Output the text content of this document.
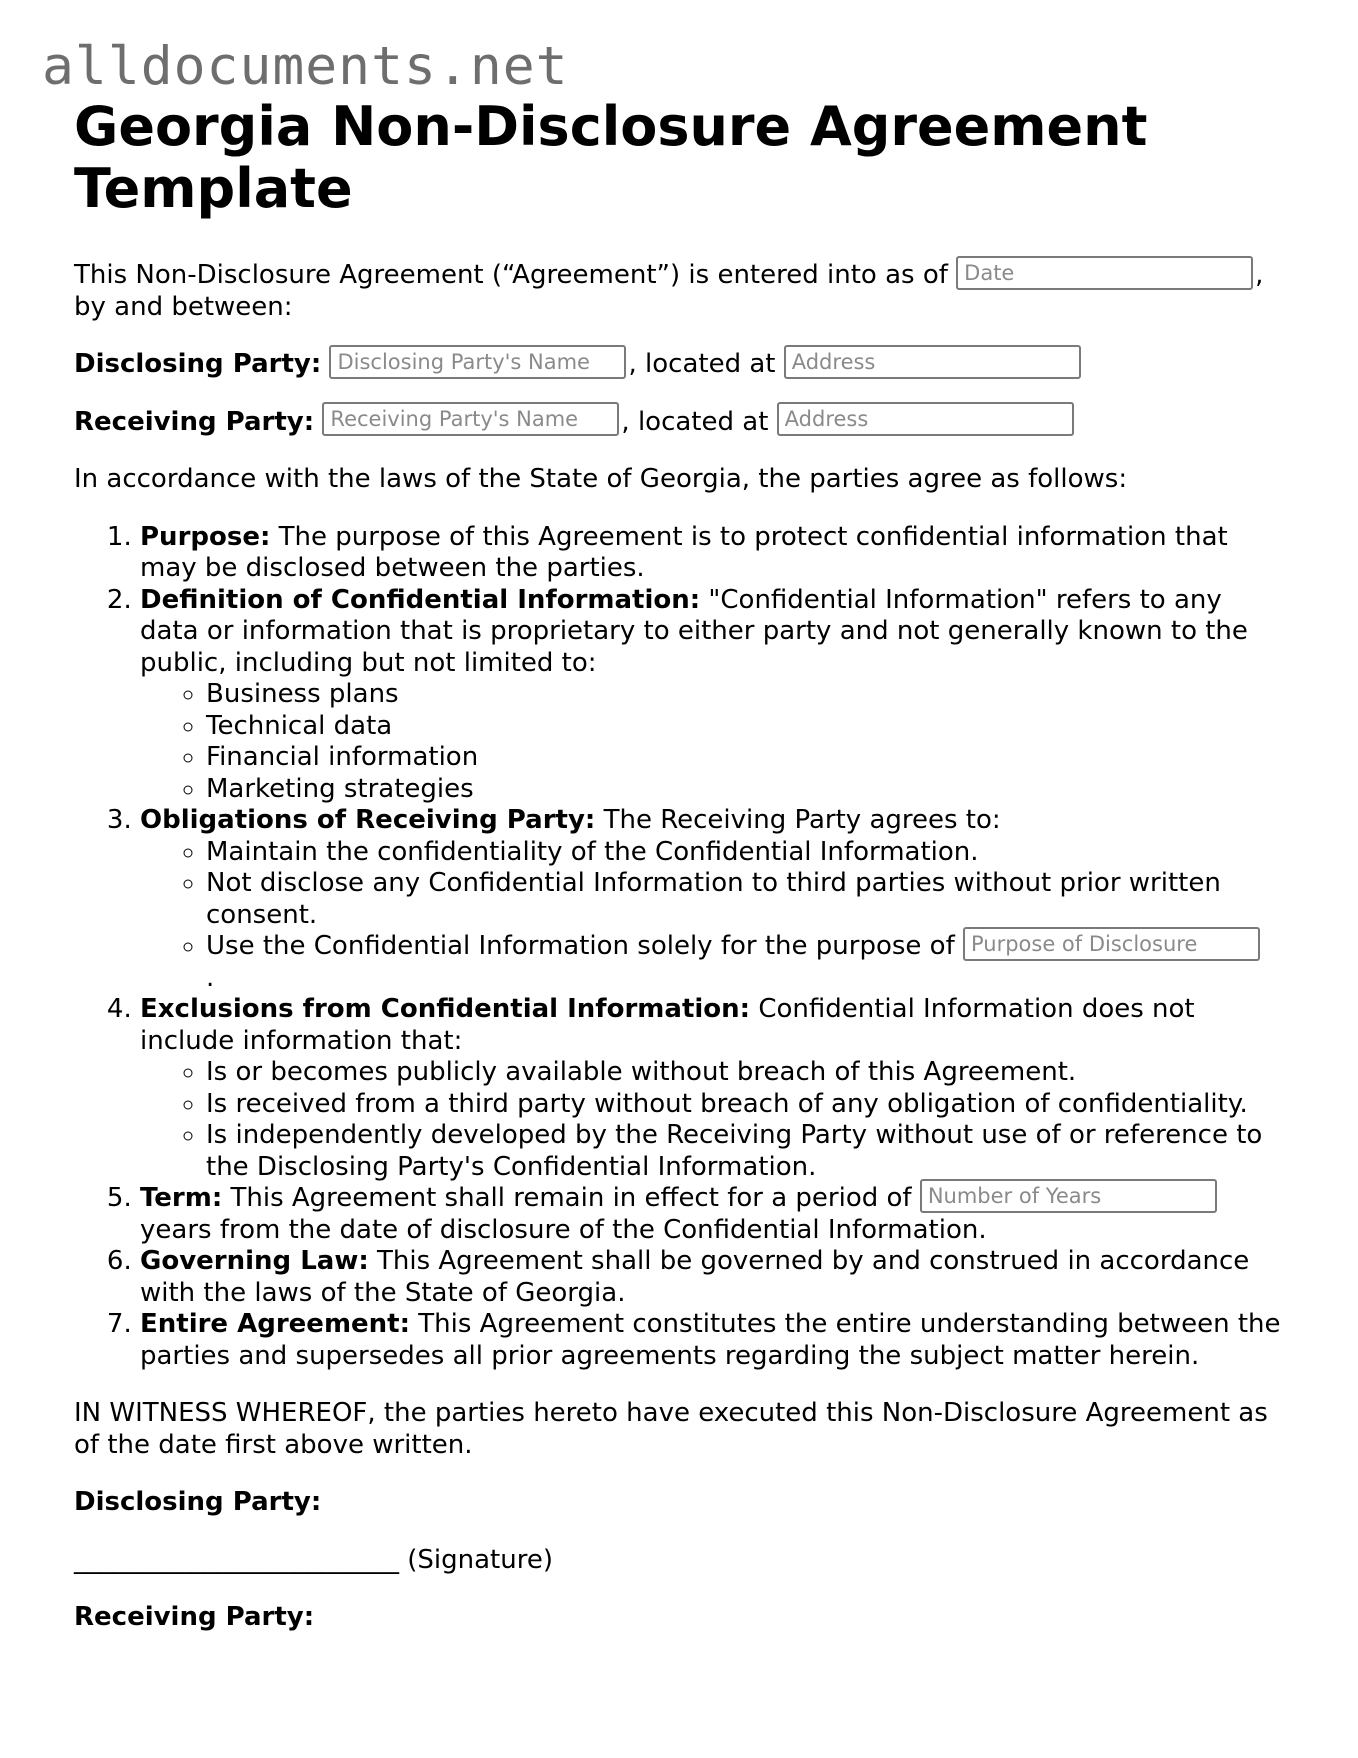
alldocuments.net
Georgia Non-Disclosure Agreement Template

This Non-Disclosure Agreement (“Agreement”) is entered into as of Date	, by and between:

Disclosing Party: Disclosing Party's Name	, located at Address

Receiving Party: Receiving Party's Name	, located at Address

In accordance with the laws of the State of Georgia, the parties agree as follows:

1. Purpose: The purpose of this Agreement is to protect confidential information that may be disclosed between the parties.
2. Definition of Confidential Information: "Confidential Information" refers to any data or information that is proprietary to either party and not generally known to the public, including but not limited to:
◦ Business plans
◦ Technical data
◦ Financial information
◦ Marketing strategies
3. Obligations of Receiving Party: The Receiving Party agrees to:
◦ Maintain the confidentiality of the Confidential Information.
◦ Not disclose any Confidential Information to third parties without prior written consent.
◦ Use the Confidential Information solely for the purpose of Purpose of Disclosure
.
4. Exclusions from Confidential Information: Confidential Information does not include information that:
◦ Is or becomes publicly available without breach of this Agreement.
◦ Is received from a third party without breach of any obligation of confidentiality.
◦ Is independently developed by the Receiving Party without use of or reference to the Disclosing Party's Confidential Information.
5. Term: This Agreement shall remain in effect for a period of Number of Years years from the date of disclosure of the Confidential Information.
6. Governing Law: This Agreement shall be governed by and construed in accordance with the laws of the State of Georgia.
7. Entire Agreement: This Agreement constitutes the entire understanding between the parties and supersedes all prior agreements regarding the subject matter herein.

IN WITNESS WHEREOF, the parties hereto have executed this Non-Disclosure Agreement as of the date first above written.

Disclosing Party:

_________________________ (Signature)

Receiving Party:
